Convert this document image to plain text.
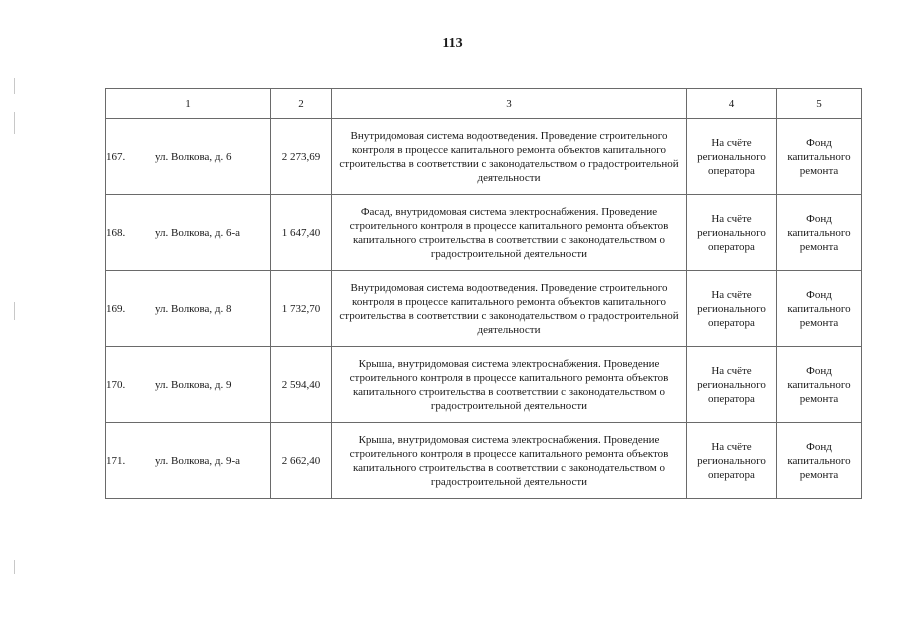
113
1	2	3	4	5
167. ул. Волкова, д. 6	2 273,69	Внутридомовая система водоотведения. Проведение строительного контроля в процессе капитального ремонта объектов капитального строительства в соответствии с законодательством о градостроительной деятельности	На счёте регионального оператора	Фонд капитального ремонта
168. ул. Волкова, д. 6-а	1 647,40	Фасад, внутридомовая система электроснабжения. Проведение строительного контроля в процессе капитального ремонта объектов капитального строительства в соответствии с законодательством о градостроительной деятельности	На счёте регионального оператора	Фонд капитального ремонта
169. ул. Волкова, д. 8	1 732,70	Внутридомовая система водоотведения. Проведение строительного контроля в процессе капитального ремонта объектов капитального строительства в соответствии с законодательством о градостроительной деятельности	На счёте регионального оператора	Фонд капитального ремонта
170. ул. Волкова, д. 9	2 594,40	Крыша, внутридомовая система электроснабжения. Проведение строительного контроля в процессе капитального ремонта объектов капитального строительства в соответствии с законодательством о градостроительной деятельности	На счёте регионального оператора	Фонд капитального ремонта
171. ул. Волкова, д. 9-а	2 662,40	Крыша, внутридомовая система электроснабжения. Проведение строительного контроля в процессе капитального ремонта объектов капитального строительства в соответствии с законодательством о градостроительной деятельности	На счёте регионального оператора	Фонд капитального ремонта
